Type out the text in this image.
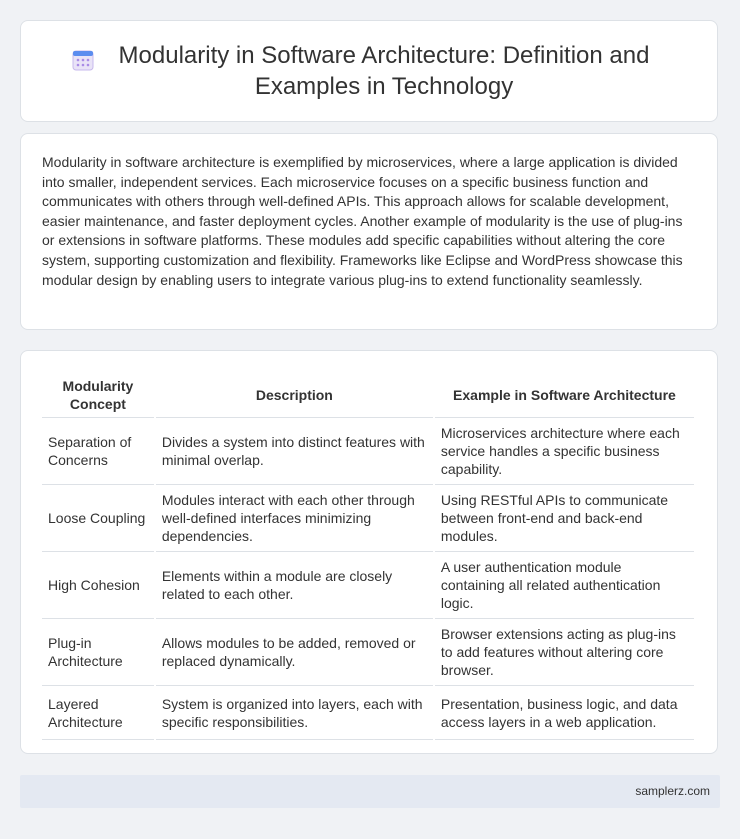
Modularity in Software Architecture: Definition and Examples in Technology

Modularity in software architecture is exemplified by microservices, where a large application is divided into smaller, independent services. Each microservice focuses on a specific business function and communicates with others through well-defined APIs. This approach allows for scalable development, easier maintenance, and faster deployment cycles. Another example of modularity is the use of plug-ins or extensions in software platforms. These modules add specific capabilities without altering the core system, supporting customization and flexibility. Frameworks like Eclipse and WordPress showcase this modular design by enabling users to integrate various plug-ins to extend functionality seamlessly.

Modularity Concept	Description	Example in Software Architecture
Separation of Concerns	Divides a system into distinct features with minimal overlap.	Microservices architecture where each service handles a specific business capability.
Loose Coupling	Modules interact with each other through well-defined interfaces minimizing dependencies.	Using RESTful APIs to communicate between front-end and back-end modules.
High Cohesion	Elements within a module are closely related to each other.	A user authentication module containing all related authentication logic.
Plug-in Architecture	Allows modules to be added, removed or replaced dynamically.	Browser extensions acting as plug-ins to add features without altering core browser.
Layered Architecture	System is organized into layers, each with specific responsibilities.	Presentation, business logic, and data access layers in a web application.
samplerz.com
